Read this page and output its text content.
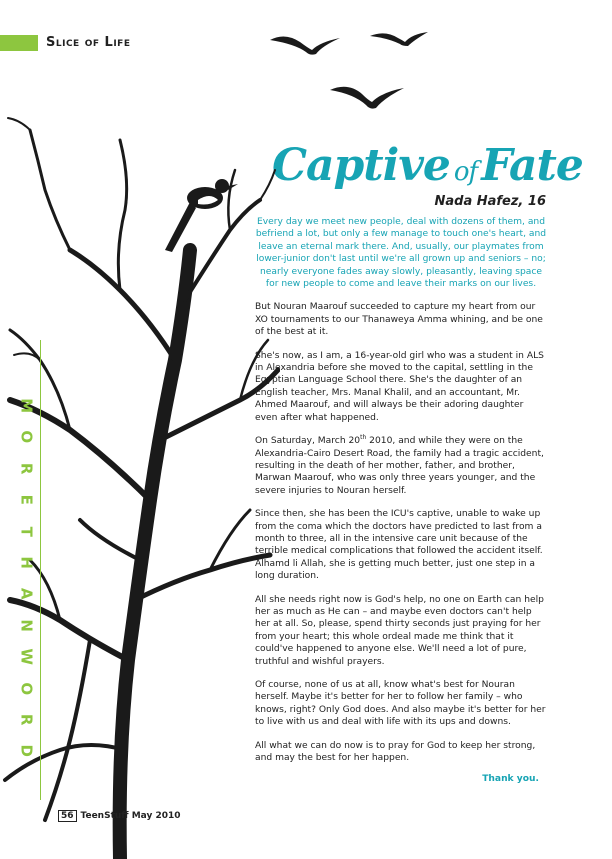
Slice of Life
Captive ofFate
Nada Hafez, 16
M
O
R
E
T
H
A
N
W
O
R
D

Every day we meet new people, deal with dozens of them, and befriend a lot, but only a few manage to touch one's heart, and leave an eternal mark there. And, usually, our playmates from lower-junior don't last until we're all grown up and seniors – no; nearly everyone fades away slowly, pleasantly, leaving space for new people to come and leave their marks on our lives.

But Nouran Maarouf succeeded to capture my heart from our XO tournaments to our Thanaweya Amma whining, and be one of the best at it.

She's now, as I am, a 16-year-old girl who was a student in ALS in Alexandria before she moved to the capital, settling in the Egyptian Language School there. She's the daughter of an English teacher, Mrs. Manal Khalil, and an accountant, Mr. Ahmed Maarouf, and will always be their adoring daughter even after what happened.

On Saturday, March 20th 2010, and while they were on the Alexandria-Cairo Desert Road, the family had a tragic accident, resulting in the death of her mother, father, and brother, Marwan Maarouf, who was only three years younger, and the severe injuries to Nouran herself.

Since then, she has been the ICU's captive, unable to wake up from the coma which the doctors have predicted to last from a month to three, all in the intensive care unit because of the terrible medical complications that followed the accident itself. Alhamd li Allah, she is getting much better, just one step in a long duration.

All she needs right now is God's help, no one on Earth can help her as much as He can – and maybe even doctors can't help her at all. So, please, spend thirty seconds just praying for her from your heart; this whole ordeal made me think that it could've happened to anyone else. We'll need a lot of pure, truthful and wishful prayers.

Of course, none of us at all, know what's best for Nouran herself. Maybe it's better for her to follow her family – who knows, right? Only God does. And also maybe it's better for her to live with us and deal with life with its ups and downs.

All what we can do now is to pray for God to keep her strong, and may the best for her happen.

Thank you.
56 TeenStuff May 2010
